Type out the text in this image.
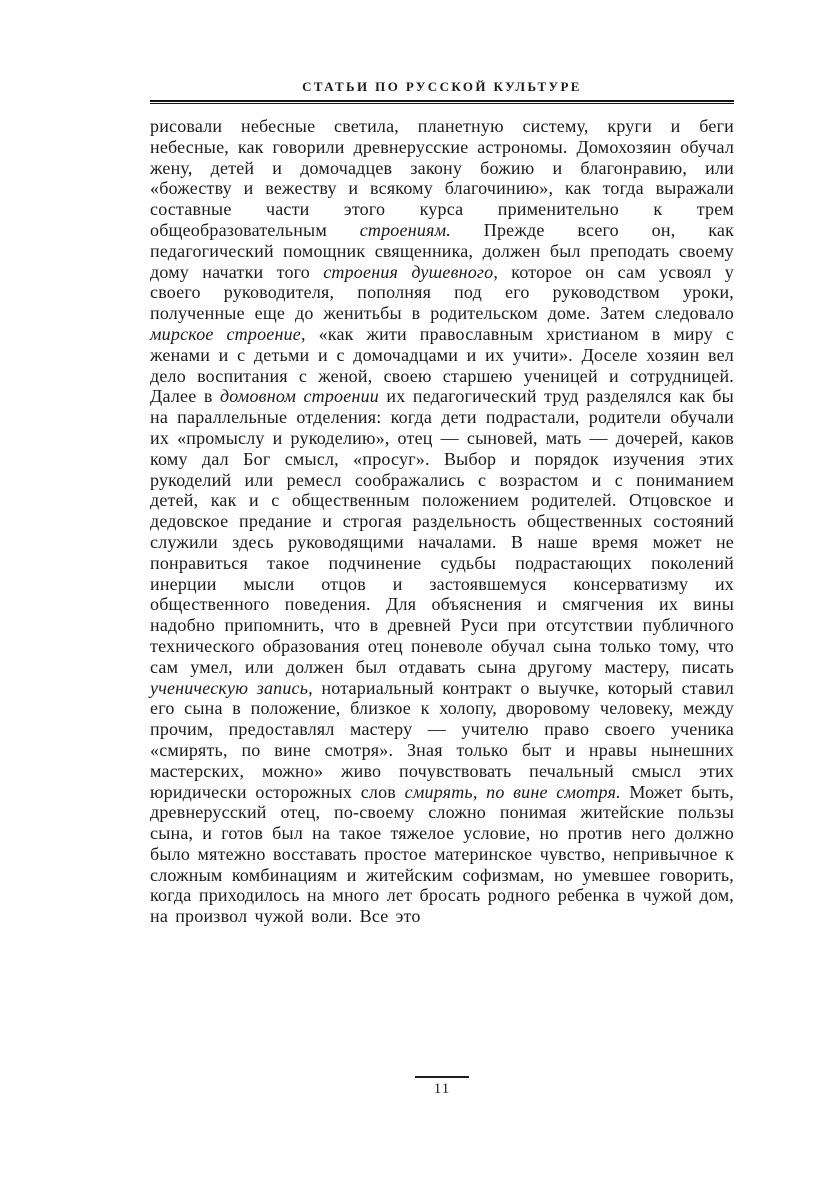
СТАТЬИ ПО РУССКОЙ КУЛЬТУРЕ

рисовали небесные светила, планетную систему, круги и беги небесные, как говорили древнерусские астрономы. Домохозяин обучал жену, детей и домочадцев закону божию и благонравию, или «божеству и вежеству и всякому благочинию», как тогда выражали составные части этого курса применительно к трем общеобразовательным строениям. Прежде всего он, как педагогический помощник священника, должен был преподать своему дому начатки того строения душевного, которое он сам усвоял у своего руководителя, пополняя под его руководством уроки, полученные еще до женитьбы в родительском доме. Затем следовало мирское строение, «как жити православным христианом в миру с женами и с детьми и с домочадцами и их учити». Доселе хозяин вел дело воспитания с женой, своею старшею ученицей и сотрудницей. Далее в домовном строении их педагогический труд разделялся как бы на параллельные отделения: когда дети подрастали, родители обучали их «промыслу и рукоделию», отец — сыновей, мать — дочерей, каков кому дал Бог смысл, «просуг». Выбор и порядок изучения этих рукоделий или ремесл соображались с возрастом и с пониманием детей, как и с общественным положением родителей. Отцовское и дедовское предание и строгая раздельность общественных состояний служили здесь руководящими началами. В наше время может не понравиться такое подчинение судьбы подрастающих поколений инерции мысли отцов и застоявшемуся консерватизму их общественного поведения. Для объяснения и смягчения их вины надобно припомнить, что в древней Руси при отсутствии публичного технического образования отец поневоле обучал сына только тому, что сам умел, или должен был отдавать сына другому мастеру, писать ученическую запись, нотариальный контракт о выучке, который ставил его сына в положение, близкое к холопу, дворовому человеку, между прочим, предоставлял мастеру — учителю право своего ученика «смирять, по вине смотря». Зная только быт и нравы нынешних мастерских, можно» живо почувствовать печальный смысл этих юридически осторожных слов смирять, по вине смотря. Может быть, древнерусский отец, по-своему сложно понимая житейские пользы сына, и готов был на такое тяжелое условие, но против него должно было мятежно восставать простое материнское чувство, непривычное к сложным комбинациям и житейским софизмам, но умевшее говорить, когда приходилось на много лет бросать родного ребенка в чужой дом, на произвол чужой воли. Все это

11
